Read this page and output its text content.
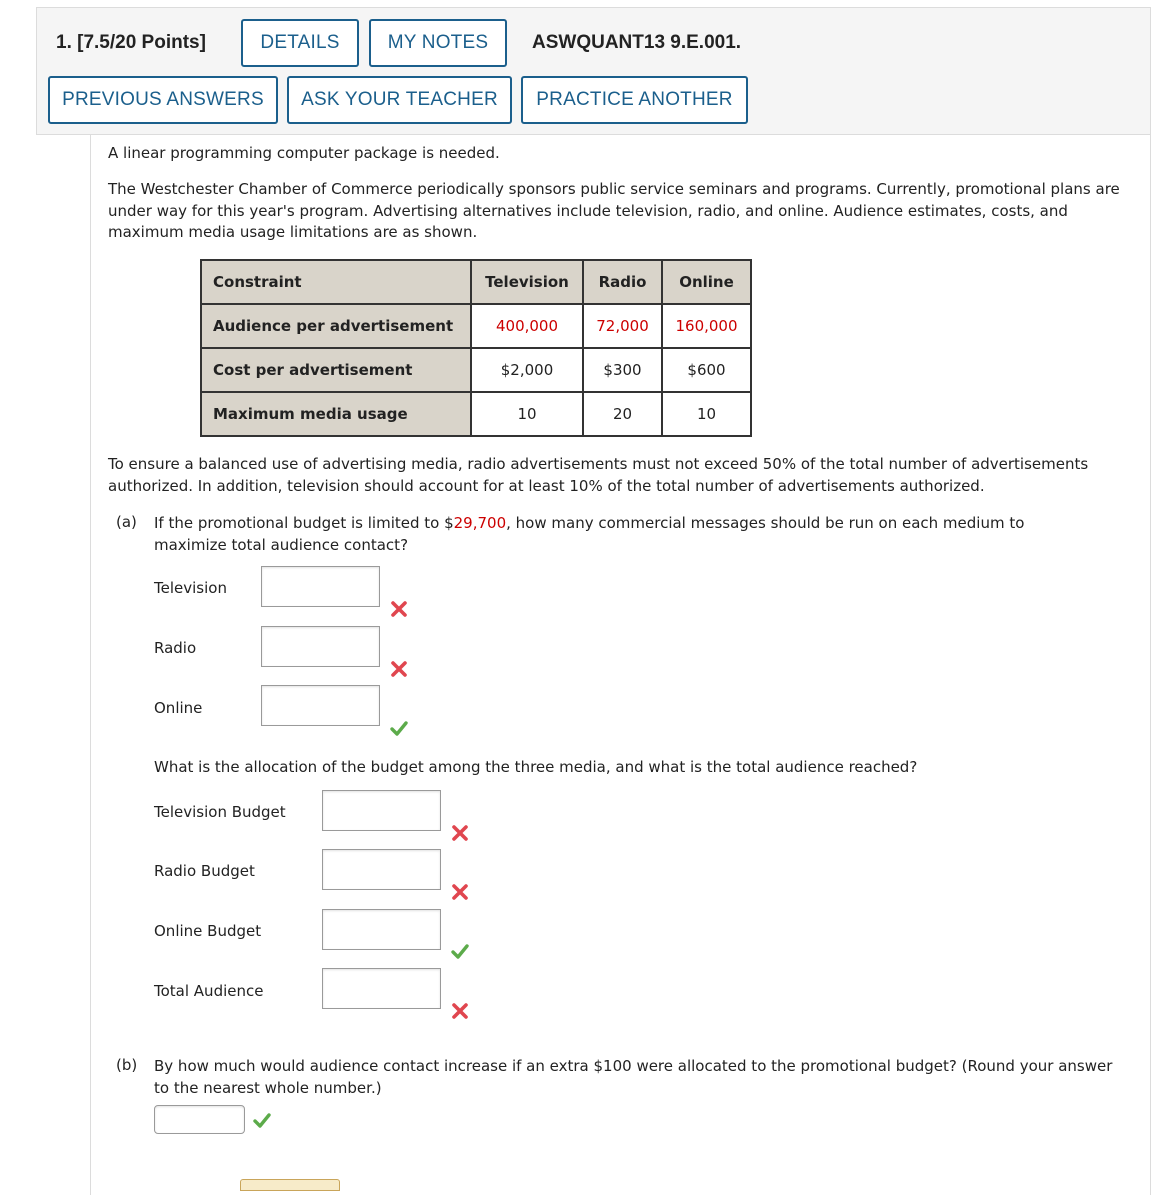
1. [7.5/20 Points]	DETAILS	MY NOTES	ASWQUANT13 9.E.001.
PREVIOUS ANSWERS	ASK YOUR TEACHER	PRACTICE ANOTHER
A linear programming computer package is needed.
The Westchester Chamber of Commerce periodically sponsors public service seminars and programs. Currently, promotional plans are under way for this year's program. Advertising alternatives include television, radio, and online. Audience estimates, costs, and maximum media usage limitations are as shown.
Constraint	Television	Radio	Online
Audience per advertisement	400,000	72,000	160,000
Cost per advertisement	$2,000	$300	$600
Maximum media usage	10	20	10
To ensure a balanced use of advertising media, radio advertisements must not exceed 50% of the total number of advertisements authorized. In addition, television should account for at least 10% of the total number of advertisements authorized.
(a) If the promotional budget is limited to $29,700, how many commercial messages should be run on each medium to maximize total audience contact?
Television
Radio
Online
What is the allocation of the budget among the three media, and what is the total audience reached?
Television Budget
Radio Budget
Online Budget
Total Audience
(b) By how much would audience contact increase if an extra $100 were allocated to the promotional budget? (Round your answer to the nearest whole number.)
